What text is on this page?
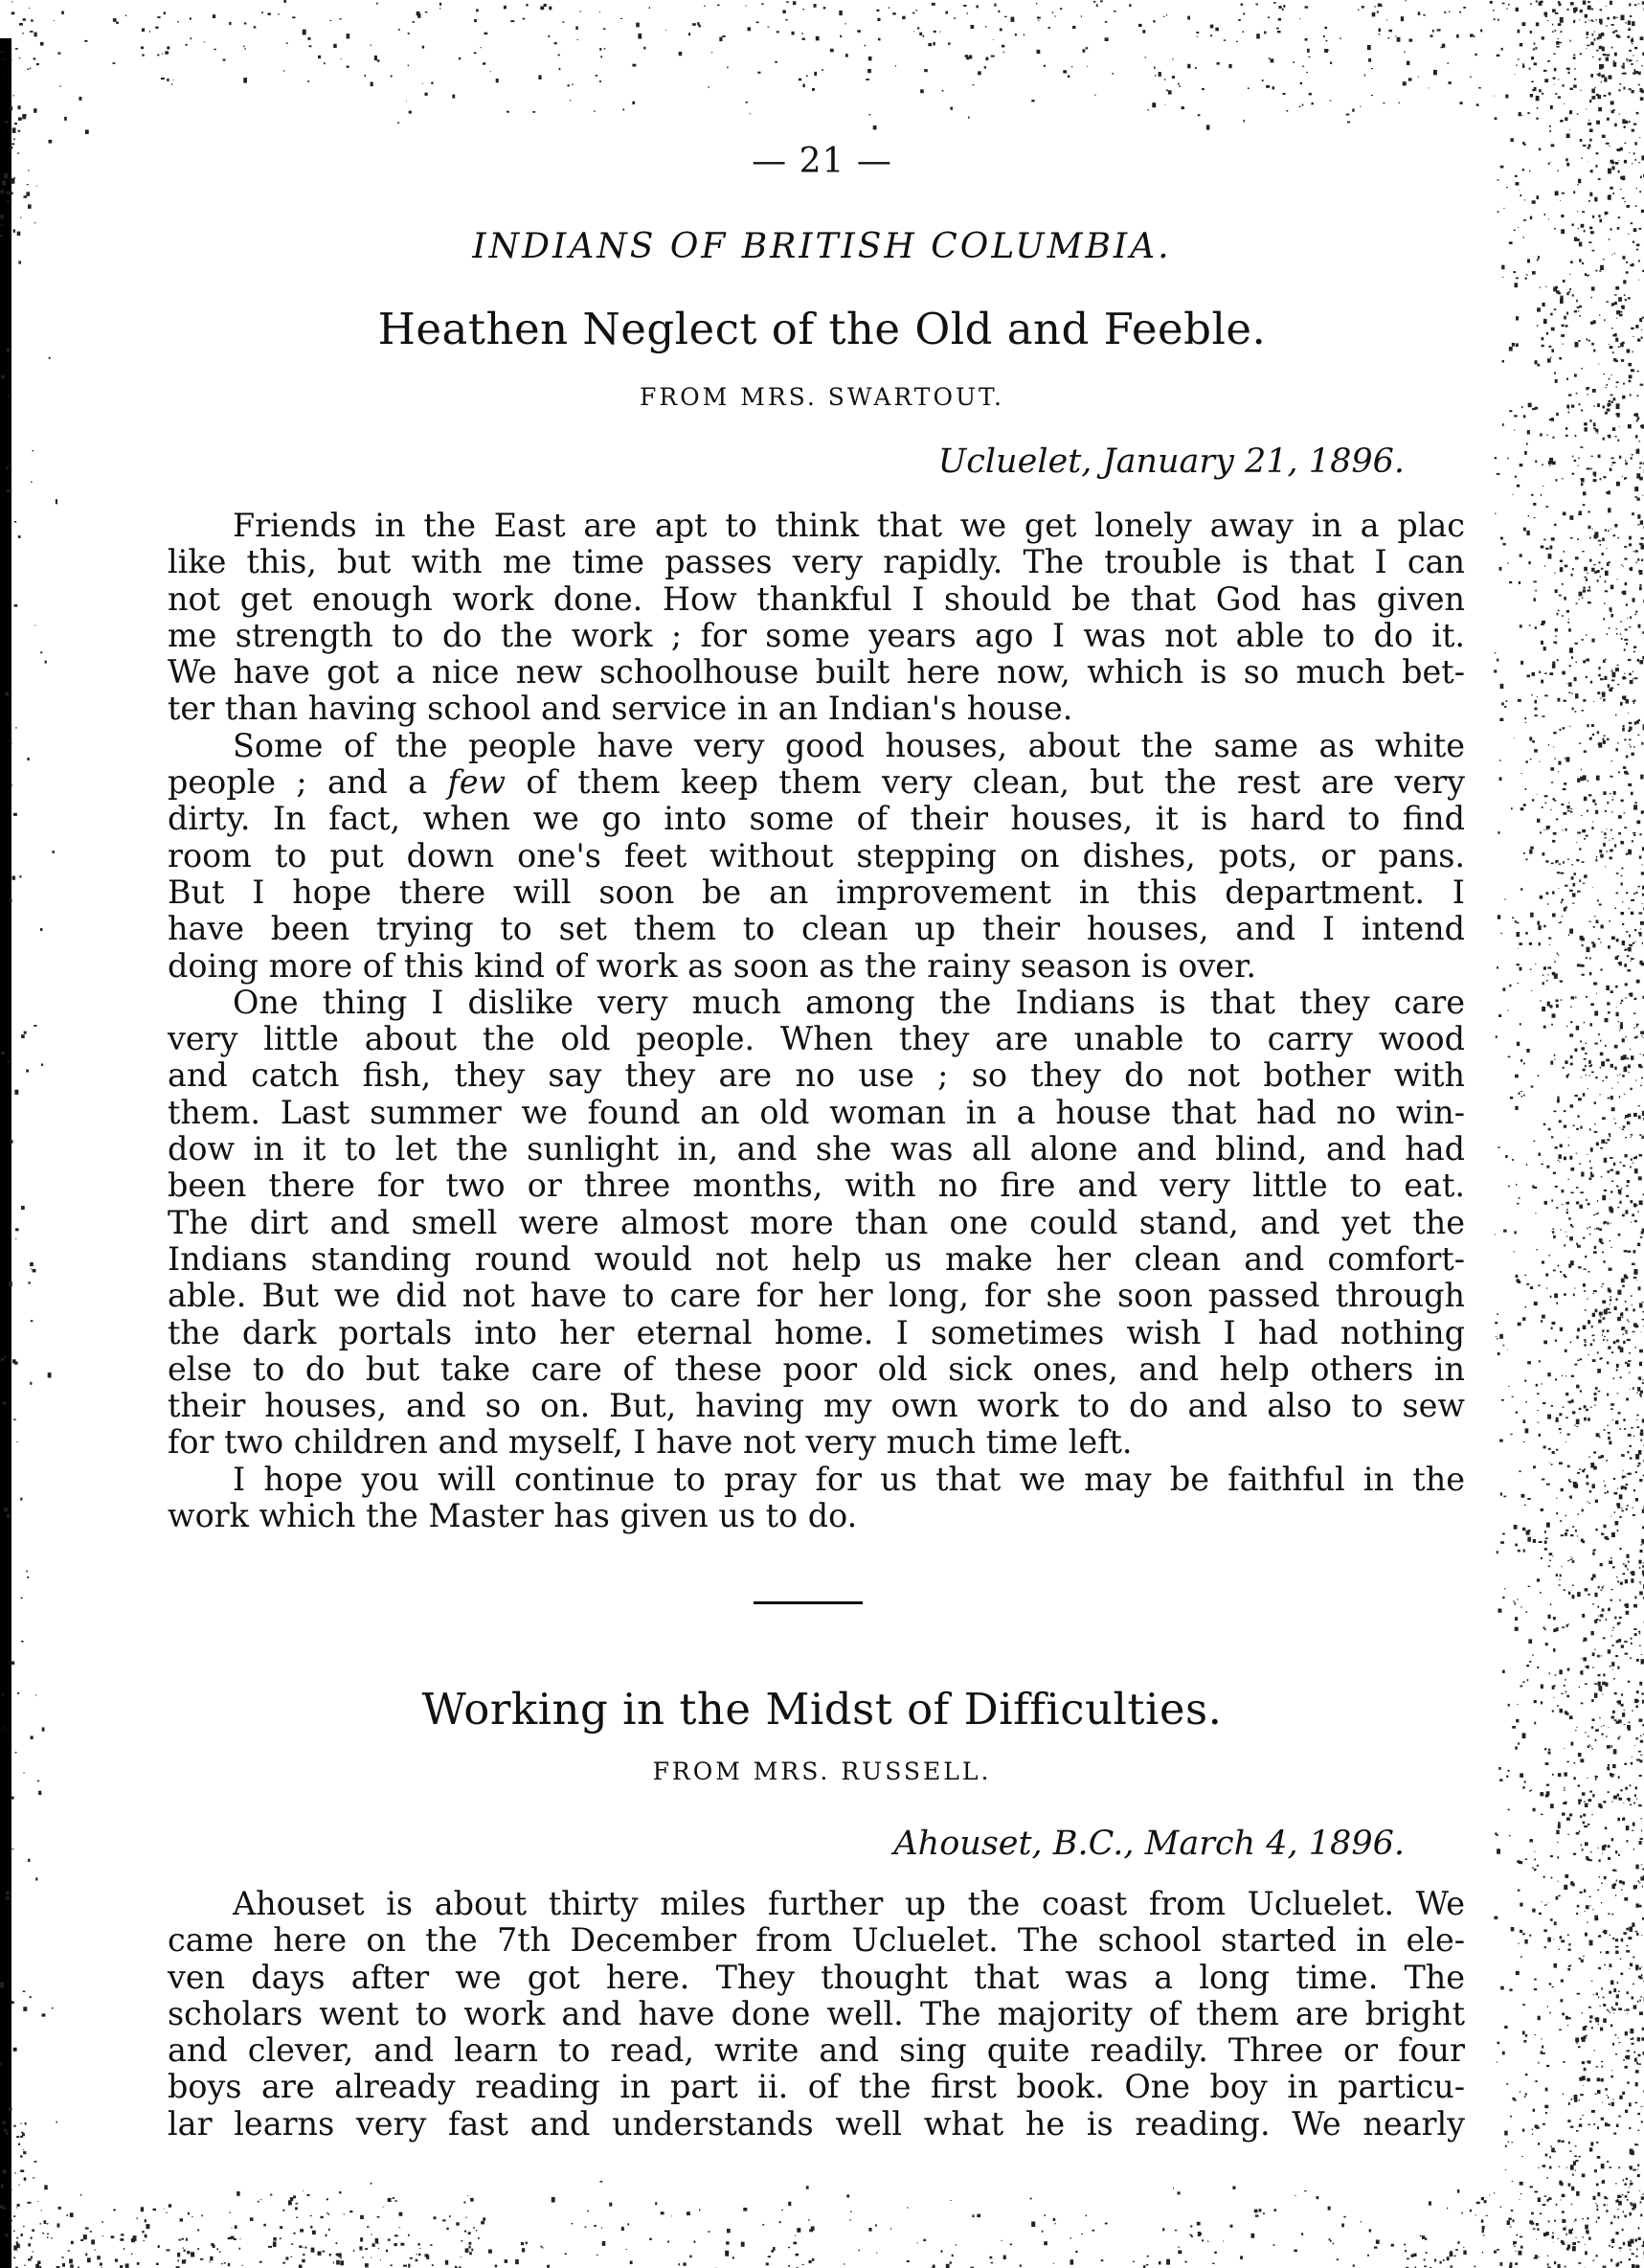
— 21 —
INDIANS OF BRITISH COLUMBIA.
Heathen Neglect of the Old and Feeble.
FROM MRS. SWARTOUT.
Ucluelet, January 21, 1896.
Friends in the East are apt to think that we get lonely away in a plac
like this, but with me time passes very rapidly. The trouble is that I can
not get enough work done. How thankful I should be that God has given
me strength to do the work ; for some years ago I was not able to do it.
We have got a nice new schoolhouse built here now, which is so much bet-
ter than having school and service in an Indian's house.
Some of the people have very good houses, about the same as white
people ; and a few of them keep them very clean, but the rest are very
dirty. In fact, when we go into some of their houses, it is hard to find
room to put down one's feet without stepping on dishes, pots, or pans.
But I hope there will soon be an improvement in this department. I
have been trying to set them to clean up their houses, and I intend
doing more of this kind of work as soon as the rainy season is over.
One thing I dislike very much among the Indians is that they care
very little about the old people. When they are unable to carry wood
and catch fish, they say they are no use ; so they do not bother with
them. Last summer we found an old woman in a house that had no win-
dow in it to let the sunlight in, and she was all alone and blind, and had
been there for two or three months, with no fire and very little to eat.
The dirt and smell were almost more than one could stand, and yet the
Indians standing round would not help us make her clean and comfort-
able. But we did not have to care for her long, for she soon passed through
the dark portals into her eternal home. I sometimes wish I had nothing
else to do but take care of these poor old sick ones, and help others in
their houses, and so on. But, having my own work to do and also to sew
for two children and myself, I have not very much time left.
I hope you will continue to pray for us that we may be faithful in the
work which the Master has given us to do.
Working in the Midst of Difficulties.
FROM MRS. RUSSELL.
Ahouset, B.C., March 4, 1896.
Ahouset is about thirty miles further up the coast from Ucluelet. We
came here on the 7th December from Ucluelet. The school started in ele-
ven days after we got here. They thought that was a long time. The
scholars went to work and have done well. The majority of them are bright
and clever, and learn to read, write and sing quite readily. Three or four
boys are already reading in part ii. of the first book. One boy in particu-
lar learns very fast and understands well what he is reading. We nearly
